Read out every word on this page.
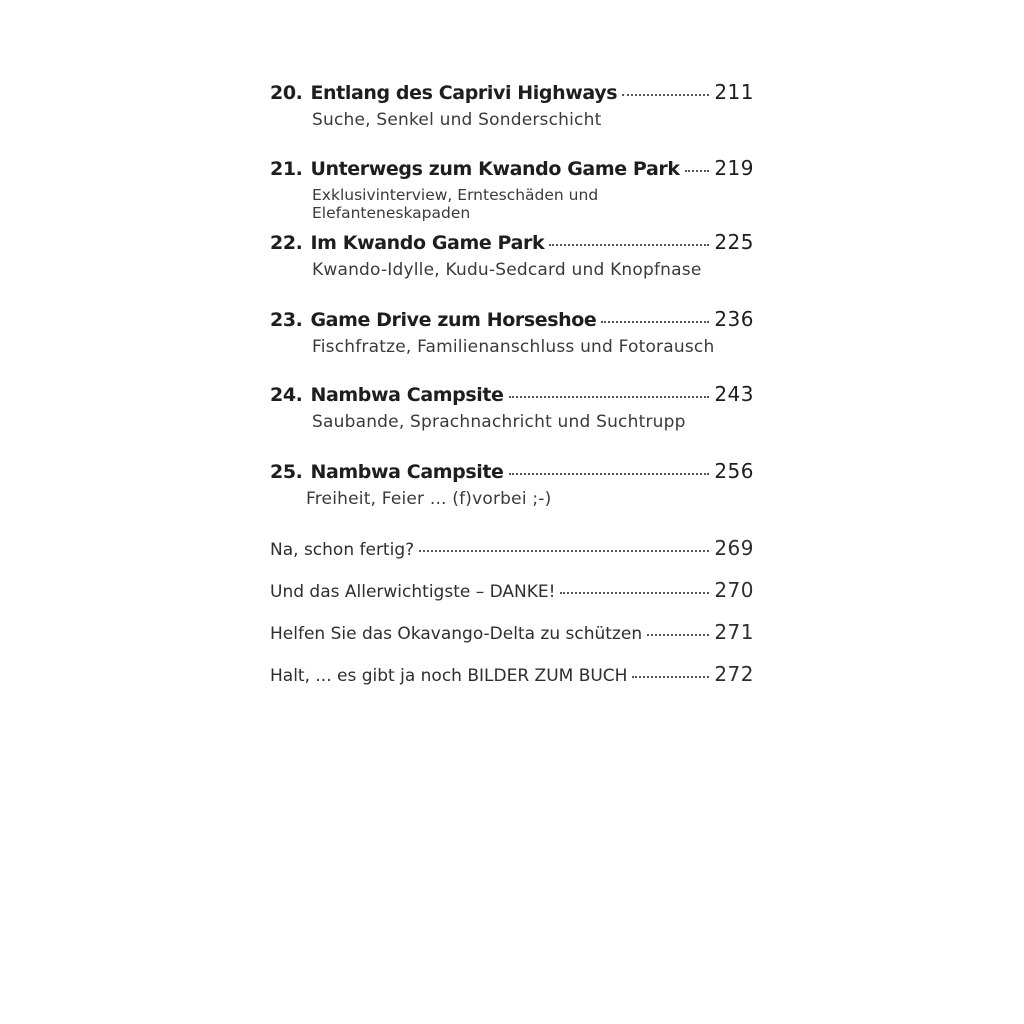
20. Entlang des Caprivi Highways	211
Suche, Senkel und Sonderschicht
21. Unterwegs zum Kwando Game Park 219
Exklusivinterview, Ernteschäden und Elefanteneskapaden
22. Im Kwando Game Park	225
Kwando-Idylle, Kudu-Sedcard und Knopfnase
23. Game Drive zum Horseshoe	236
Fischfratze, Familienanschluss und Fotorausch
24. Nambwa Campsite	243
Saubande, Sprachnachricht und Suchtrupp
25. Nambwa Campsite	256
Freiheit, Feier ... (f)vorbei ;-)
Na, schon fertig?	269
Und das Allerwichtigste – DANKE!	270
Helfen Sie das Okavango-Delta zu schützen	271
Halt, ... es gibt ja noch BILDER ZUM BUCH	272
